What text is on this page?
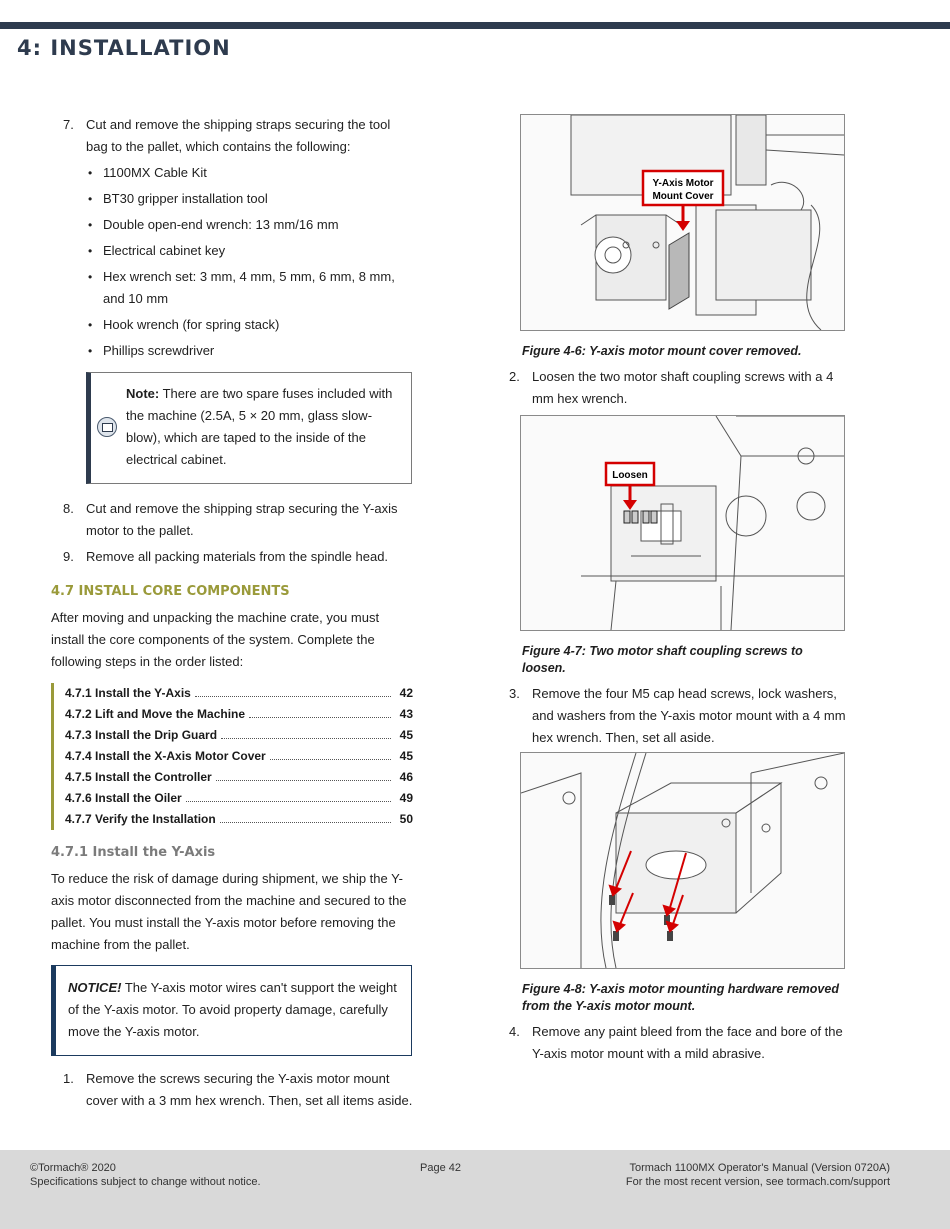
4: INSTALLATION
7. Cut and remove the shipping straps securing the tool bag to the pallet, which contains the following:
• 1100MX Cable Kit
• BT30 gripper installation tool
• Double open-end wrench: 13 mm/16 mm
• Electrical cabinet key
• Hex wrench set: 3 mm, 4 mm, 5 mm, 6 mm, 8 mm, and 10 mm
• Hook wrench (for spring stack)
• Phillips screwdriver
Note: There are two spare fuses included with the machine (2.5A, 5 × 20 mm, glass slow-blow), which are taped to the inside of the electrical cabinet.
8. Cut and remove the shipping strap securing the Y-axis motor to the pallet.
9. Remove all packing materials from the spindle head.
4.7 INSTALL CORE COMPONENTS
After moving and unpacking the machine crate, you must install the core components of the system. Complete the following steps in the order listed:
4.7.1 Install the Y-Axis	42
4.7.2 Lift and Move the Machine	43
4.7.3 Install the Drip Guard	45
4.7.4 Install the X-Axis Motor Cover	45
4.7.5 Install the Controller	46
4.7.6 Install the Oiler	49
4.7.7 Verify the Installation	50
4.7.1 Install the Y-Axis
To reduce the risk of damage during shipment, we ship the Y-axis motor disconnected from the machine and secured to the pallet. You must install the Y-axis motor before removing the machine from the pallet.
NOTICE! The Y-axis motor wires can't support the weight of the Y-axis motor. To avoid property damage, carefully move the Y-axis motor.
1. Remove the screws securing the Y-axis motor mount cover with a 3 mm hex wrench. Then, set all items aside.
Y-Axis Motor
Mount Cover
Figure 4-6: Y-axis motor mount cover removed.
2. Loosen the two motor shaft coupling screws with a 4 mm hex wrench.
Loosen
Figure 4-7: Two motor shaft coupling screws to loosen.
3. Remove the four M5 cap head screws, lock washers, and washers from the Y-axis motor mount with a 4 mm hex wrench. Then, set all aside.
Figure 4-8: Y-axis motor mounting hardware removed from the Y-axis motor mount.
4. Remove any paint bleed from the face and bore of the Y-axis motor mount with a mild abrasive.
©Tormach® 2020
Specifications subject to change without notice.
Page 42	Tormach 1100MX Operator's Manual (Version 0720A)
For the most recent version, see tormach.com/support
